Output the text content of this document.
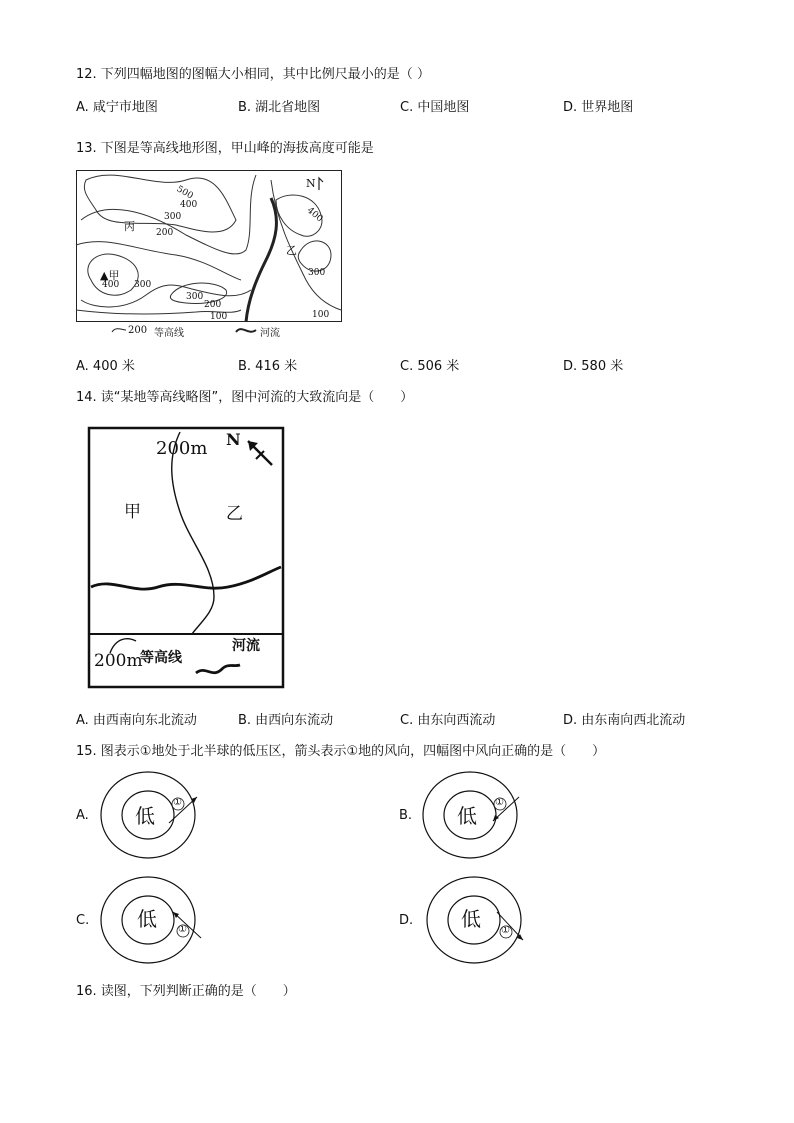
12. 下列四幅地图的图幅大小相同，其中比例尺最小的是（ ）
A. 咸宁市地图	B. 湖北省地图	C. 中国地图	D. 世界地图
13. 下图是等高线地形图，甲山峰的海拔高度可能是
N
500
400
300
200
丙
乙
400
300
▲甲
400 300
300
200
100	100
200 等高线	河流
A. 400 米	B. 416 米	C. 506 米	D. 580 米
14. 读“某地等高线略图”，图中河流的大致流向是（　　）
200m N
甲	乙
200m
等高线
河流
A. 由西南向东北流动	B. 由西向东流动	C. 由东向西流动	D. 由东南向西北流动
15. 图表示①地处于北半球的低压区，箭头表示①地的风向，四幅图中风向正确的是（　　）
A. 低
①
B. 低
①
C. 低 ①
D. 低 ①
16. 读图，下列判断正确的是（　　）
